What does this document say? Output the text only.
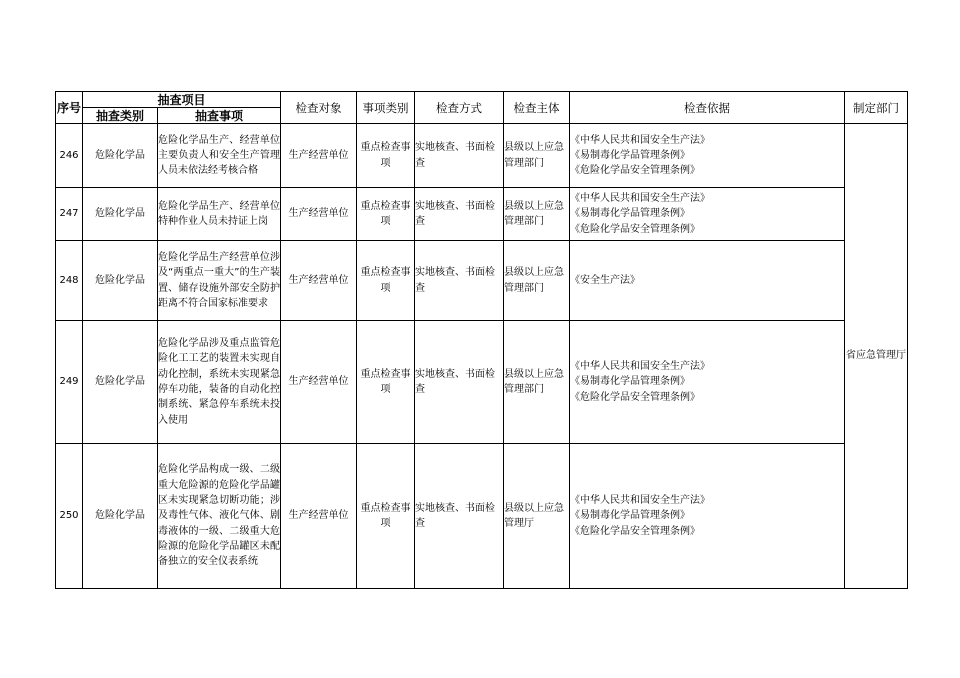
序号	抽查项目		检查对象	事项类别	检查方式	检查主体	检查依据	制定部门
	抽查类别	抽查事项						
246	危险化学品	危险化学品生产、经营单位主要负责人和安全生产管理人员未依法经考核合格	生产经营单位	重点检查事项	实地核查、书面检查	县级以上应急管理部门	《中华人民共和国安全生产法》
《易制毒化学品管理条例》
《危险化学品安全管理条例》	省应急管理厅
247	危险化学品	危险化学品生产、经营单位特种作业人员未持证上岗	生产经营单位	重点检查事项	实地核查、书面检查	县级以上应急管理部门	《中华人民共和国安全生产法》
《易制毒化学品管理条例》
《危险化学品安全管理条例》	

248	危险化学品	危险化学品生产经营单位涉及“两重点一重大”的生产装置、储存设施外部安全防护距离不符合国家标准要求	生产经营单位	重点检查事项	实地核查、书面检查	县级以上应急管理部门	《安全生产法》	

249	危险化学品	危险化学品涉及重点监管危险化工工艺的装置未实现自动化控制，系统未实现紧急停车功能，装备的自动化控制系统、紧急停车系统未投入使用	生产经营单位	重点检查事项	实地核查、书面检查	县级以上应急管理部门	《中华人民共和国安全生产法》
《易制毒化学品管理条例》
《危险化学品安全管理条例》	

250	危险化学品	危险化学品构成一级、二级重大危险源的危险化学品罐区未实现紧急切断功能；涉及毒性气体、液化气体、剧毒液体的一级、二级重大危险源的危险化学品罐区未配备独立的安全仪表系统	生产经营单位	重点检查事项	实地核查、书面检查	县级以上应急管理厅	《中华人民共和国安全生产法》
《易制毒化学品管理条例》
《危险化学品安全管理条例》	
